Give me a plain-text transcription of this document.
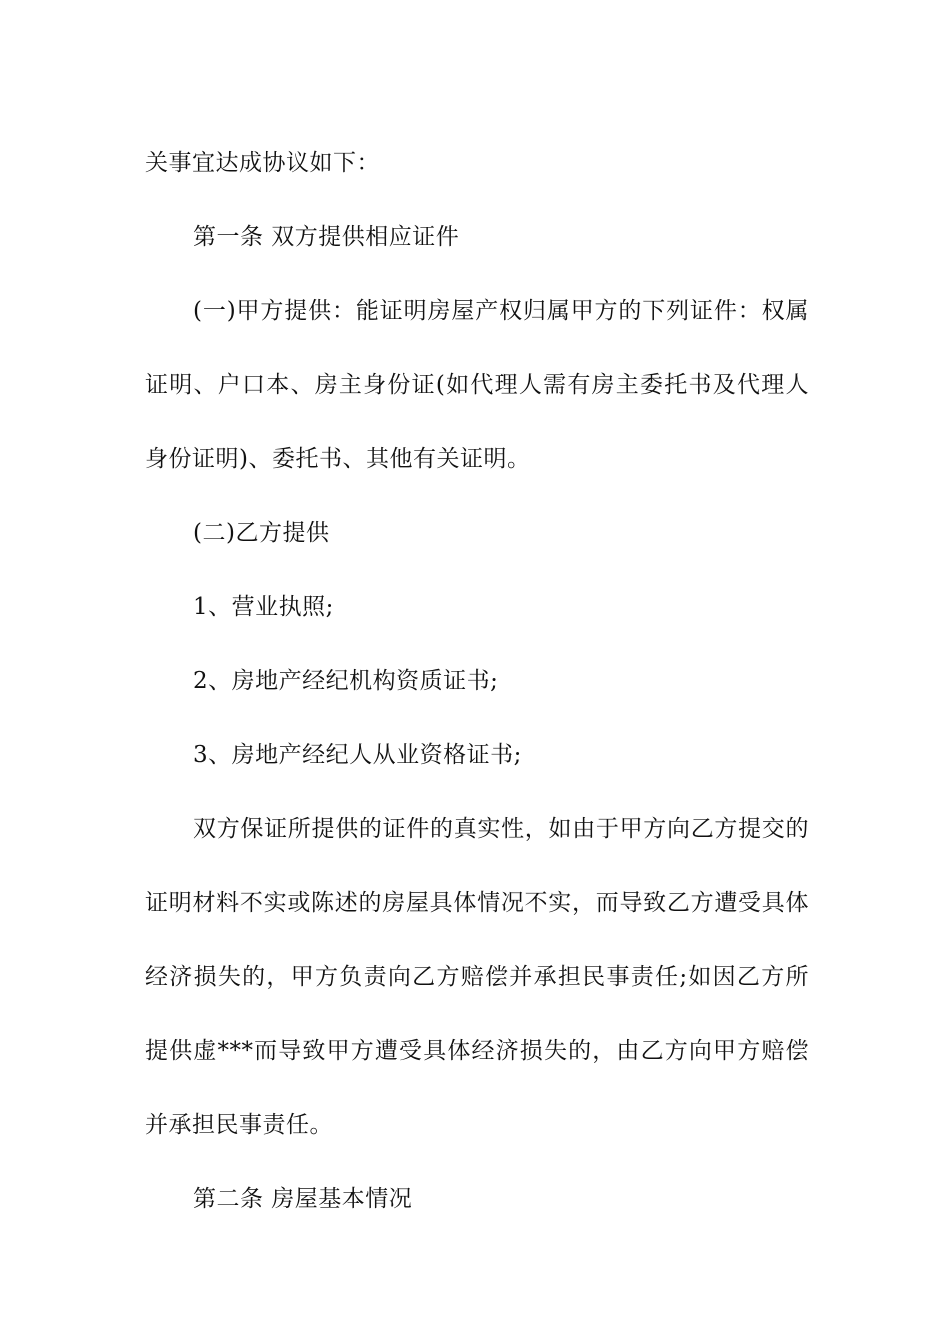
关事宜达成协议如下：

第一条 双方提供相应证件

(一)甲方提供：能证明房屋产权归属甲方的下列证件：权属证明、户口本、房主身份证(如代理人需有房主委托书及代理人身份证明)、委托书、其他有关证明。

(二)乙方提供

1、营业执照;

2、房地产经纪机构资质证书;

3、房地产经纪人从业资格证书;

双方保证所提供的证件的真实性，如由于甲方向乙方提交的证明材料不实或陈述的房屋具体情况不实，而导致乙方遭受具体经济损失的，甲方负责向乙方赔偿并承担民事责任;如因乙方所提供虚***而导致甲方遭受具体经济损失的，由乙方向甲方赔偿并承担民事责任。

第二条 房屋基本情况
